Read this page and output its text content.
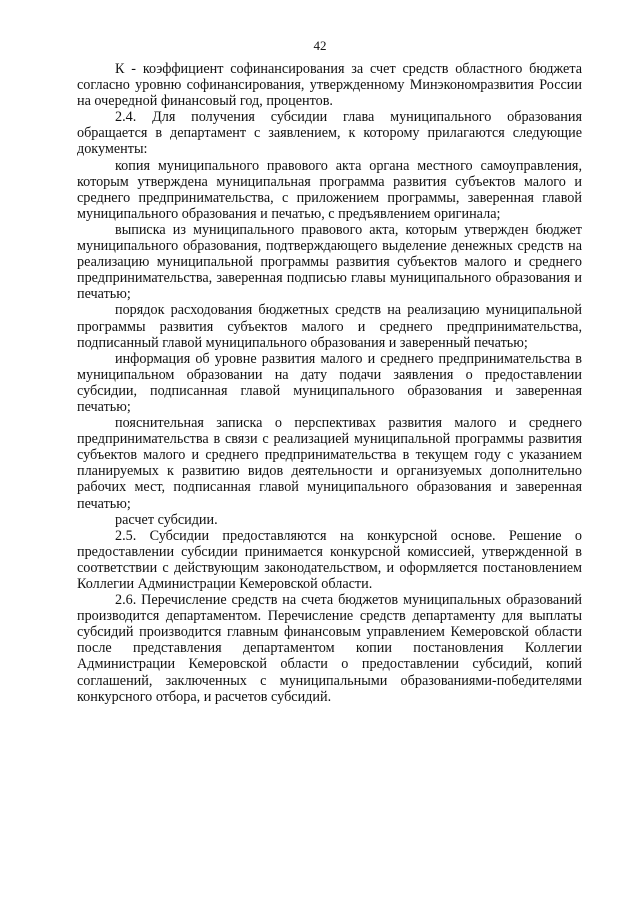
42

К - коэффициент софинансирования за счет средств областного бюджета согласно уровню софинансирования, утвержденному Минэкономразвития России на очередной финансовый год, процентов.

2.4. Для получения субсидии глава муниципального образования обращается в департамент с заявлением, к которому прилагаются следующие документы:

копия муниципального правового акта органа местного самоуправления, которым утверждена муниципальная программа развития субъектов малого и среднего предпринимательства, с приложением программы, заверенная главой муниципального образования и печатью, с предъявлением оригинала;

выписка из муниципального правового акта, которым утвержден бюджет муниципального образования, подтверждающего выделение денежных средств на реализацию муниципальной программы развития субъектов малого и среднего предпринимательства, заверенная подписью главы муниципального образования и печатью;

порядок расходования бюджетных средств на реализацию муниципальной программы развития субъектов малого и среднего предпринимательства, подписанный главой муниципального образования и заверенный печатью;

информация об уровне развития малого и среднего предпринимательства в муниципальном образовании на дату подачи заявления о предоставлении субсидии, подписанная главой муниципального образования и заверенная печатью;

пояснительная записка о перспективах развития малого и среднего предпринимательства в связи с реализацией муниципальной программы развития субъектов малого и среднего предпринимательства в текущем году с указанием планируемых к развитию видов деятельности и организуемых дополнительно рабочих мест, подписанная главой муниципального образования и заверенная печатью;

расчет субсидии.

2.5. Субсидии предоставляются на конкурсной основе. Решение о предоставлении субсидии принимается конкурсной комиссией, утвержденной в соответствии с действующим законодательством, и оформляется постановлением Коллегии Администрации Кемеровской области.

2.6. Перечисление средств на счета бюджетов муниципальных образований производится департаментом. Перечисление средств департаменту для выплаты субсидий производится главным финансовым управлением Кемеровской области после представления департаментом копии постановления Коллегии Администрации Кемеровской области о предоставлении субсидий, копий соглашений, заключенных с муниципальными образованиями-победителями конкурсного отбора, и расчетов субсидий.
